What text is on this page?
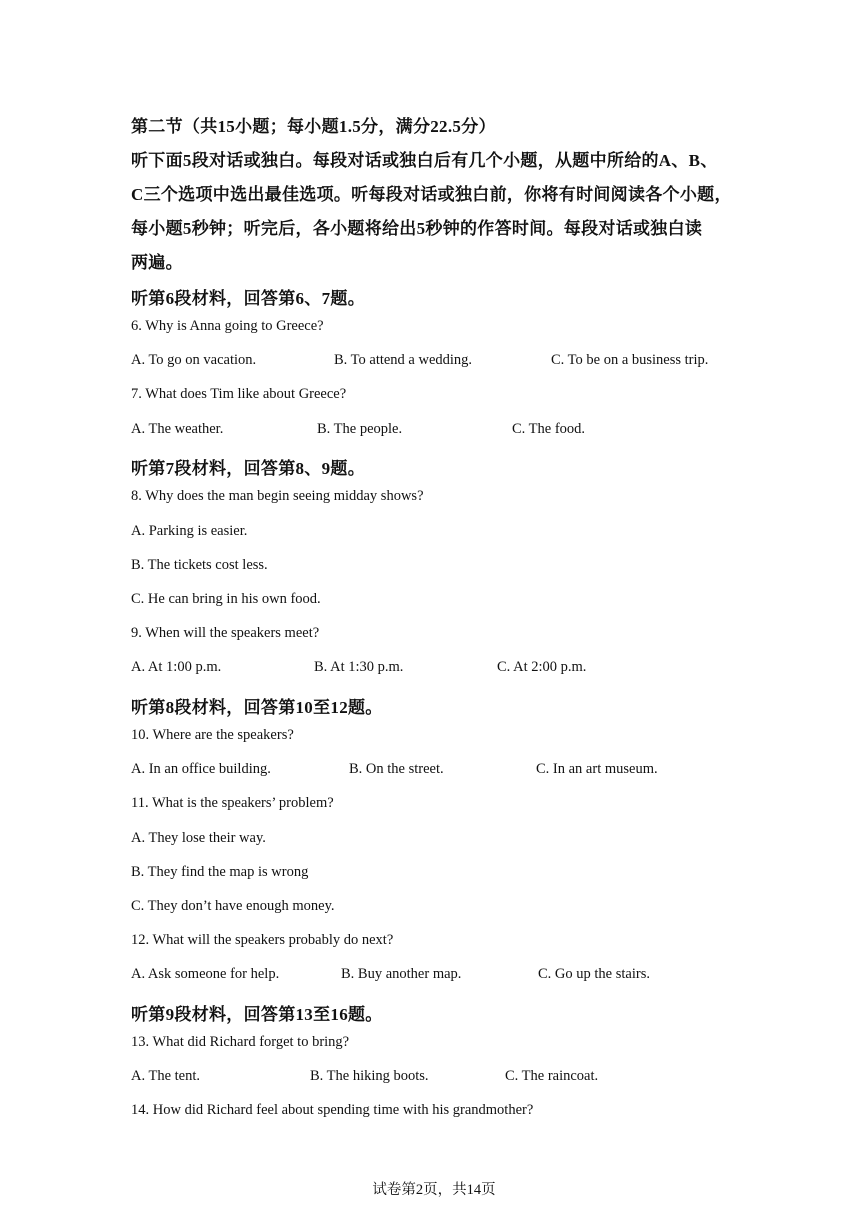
第二节（共15小题；每小题1.5分，满分22.5分）
听下面5段对话或独白。每段对话或独白后有几个小题，从题中所给的A、B、
C三个选项中选出最佳选项。听每段对话或独白前，你将有时间阅读各个小题，
每小题5秒钟；听完后，各小题将给出5秒钟的作答时间。每段对话或独白读
两遍。
听第6段材料，回答第6、7题。
6. Why is Anna going to Greece?
A. To go on vacation.	B. To attend a wedding.	C. To be on a business trip.
7. What does Tim like about Greece?
A. The weather.	B. The people.	C. The food.
听第7段材料，回答第8、9题。
8. Why does the man begin seeing midday shows?
A. Parking is easier.
B. The tickets cost less.
C. He can bring in his own food.
9. When will the speakers meet?
A. At 1:00 p.m.	B. At 1:30 p.m.	C. At 2:00 p.m.
听第8段材料，回答第10至12题。
10. Where are the speakers?
A. In an office building.	B. On the street.	C. In an art museum.
11. What is the speakers’ problem?
A. They lose their way.
B. They find the map is wrong
C. They don’t have enough money.
12. What will the speakers probably do next?
A. Ask someone for help.	B. Buy another map.	C. Go up the stairs.
听第9段材料，回答第13至16题。
13. What did Richard forget to bring?
A. The tent.	B. The hiking boots.	C. The raincoat.
14. How did Richard feel about spending time with his grandmother?
试卷第2页，共14页
